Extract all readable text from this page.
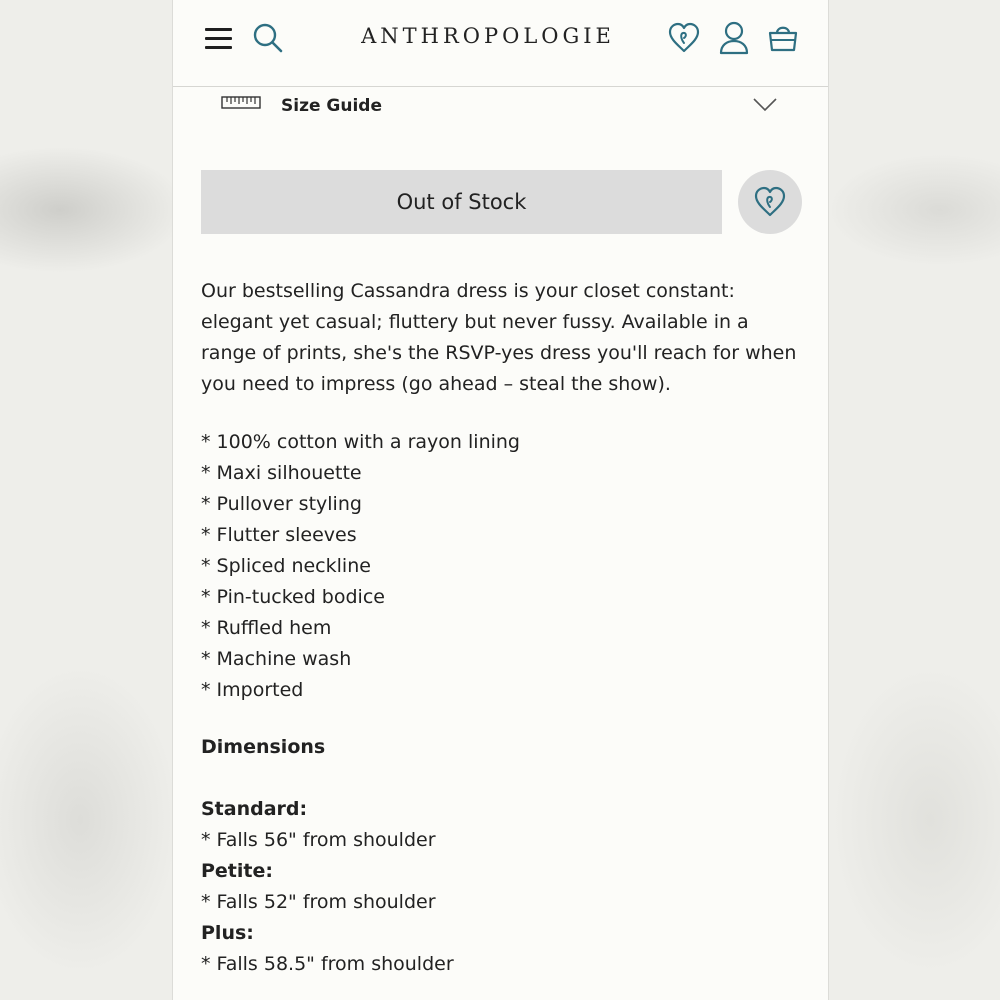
ANTHROPOLOGIE
Size Guide
Out of Stock

Our bestselling Cassandra dress is your closet constant: elegant yet casual; fluttery but never fussy. Available in a range of prints, she's the RSVP-yes dress you'll reach for when you need to impress (go ahead – steal the show).

* 100% cotton with a rayon lining
* Maxi silhouette
* Pullover styling
* Flutter sleeves
* Spliced neckline
* Pin-tucked bodice
* Ruffled hem
* Machine wash
* Imported
Dimensions
Standard:
* Falls 56" from shoulder
Petite:
* Falls 52" from shoulder
Plus:
* Falls 58.5" from shoulder
